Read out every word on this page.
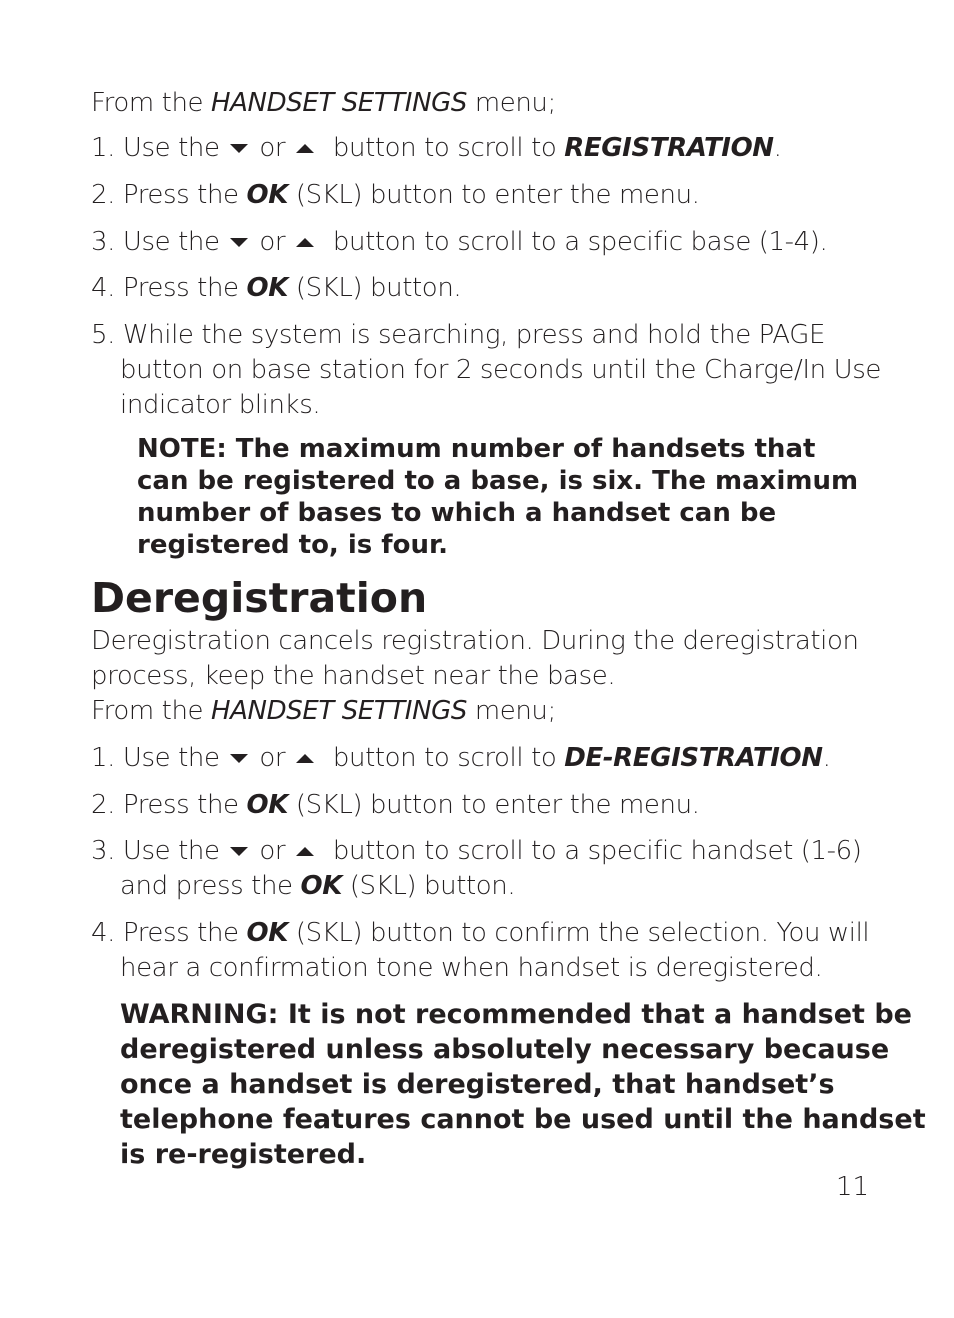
From the HANDSET SETTINGS menu;
1. Use the or button to scroll to REGISTRATION.
2. Press the OK (SKL) button to enter the menu.
3. Use the or button to scroll to a specific base (1-4).
4. Press the OK (SKL) button.
5. While the system is searching, press and hold the PAGE
button on base station for 2 seconds until the Charge/In Use
indicator blinks.
NOTE: The maximum number of handsets that
can be registered to a base, is six. The maximum
number of bases to which a handset can be
registered to, is four.
Deregistration
Deregistration cancels registration. During the deregistration
process, keep the handset near the base.
From the HANDSET SETTINGS menu;
1. Use the or button to scroll to DE-REGISTRATION.
2. Press the OK (SKL) button to enter the menu.
3. Use the or button to scroll to a specific handset (1-6)
and press the OK (SKL) button.
4. Press the OK (SKL) button to confirm the selection. You will
hear a confirmation tone when handset is deregistered.
WARNING: It is not recommended that a handset be
deregistered unless absolutely necessary because
once a handset is deregistered, that handset’s
telephone features cannot be used until the handset
is re-registered.
11
